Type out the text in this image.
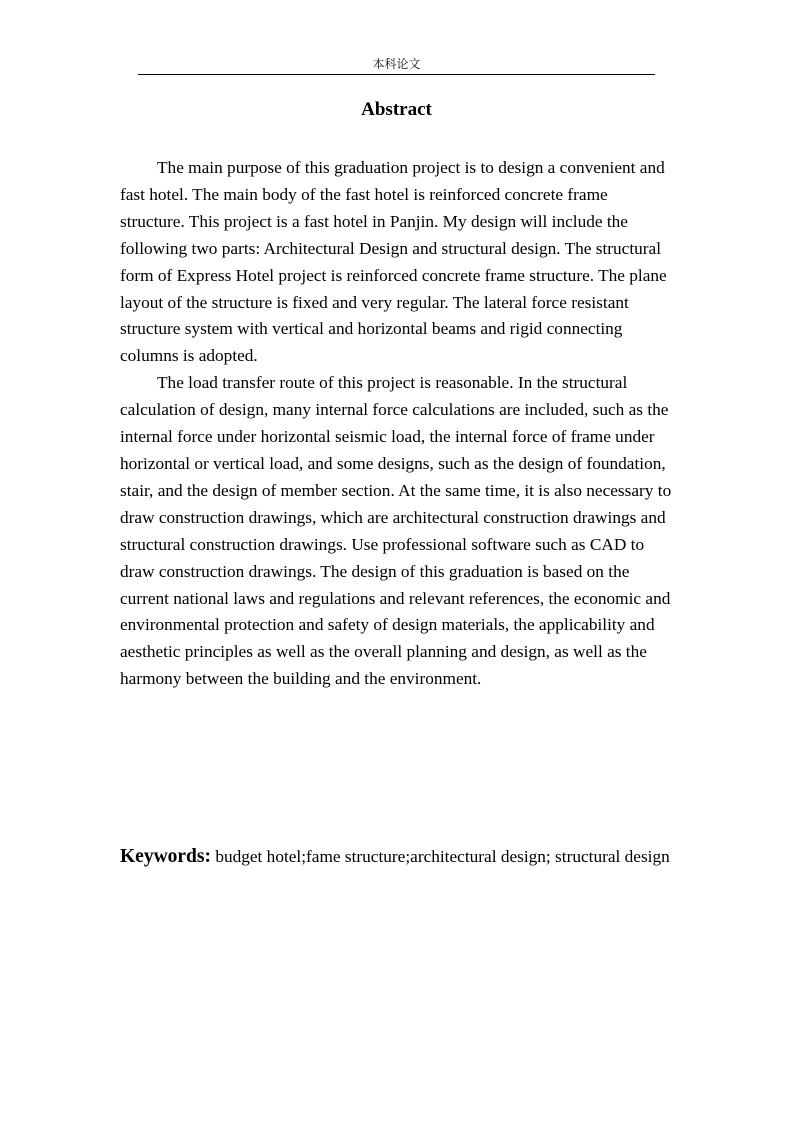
本科论文
Abstract

The main purpose of this graduation project is to design a convenient and fast hotel. The main body of the fast hotel is reinforced concrete frame structure. This project is a fast hotel in Panjin. My design will include the following two parts: Architectural Design and structural design. The structural form of Express Hotel project is reinforced concrete frame structure. The plane layout of the structure is fixed and very regular. The lateral force resistant structure system with vertical and horizontal beams and rigid connecting columns is adopted.

The load transfer route of this project is reasonable. In the structural calculation of design, many internal force calculations are included, such as the internal force under horizontal seismic load, the internal force of frame under horizontal or vertical load, and some designs, such as the design of foundation, stair, and the design of member section. At the same time, it is also necessary to draw construction drawings, which are architectural construction drawings and structural construction drawings. Use professional software such as CAD to draw construction drawings. The design of this graduation is based on the current national laws and regulations and relevant references, the economic and environmental protection and safety of design materials, the applicability and aesthetic principles as well as the overall planning and design, as well as the harmony between the building and the environment.

Keywords: budget hotel;fame structure;architectural design; structural design
